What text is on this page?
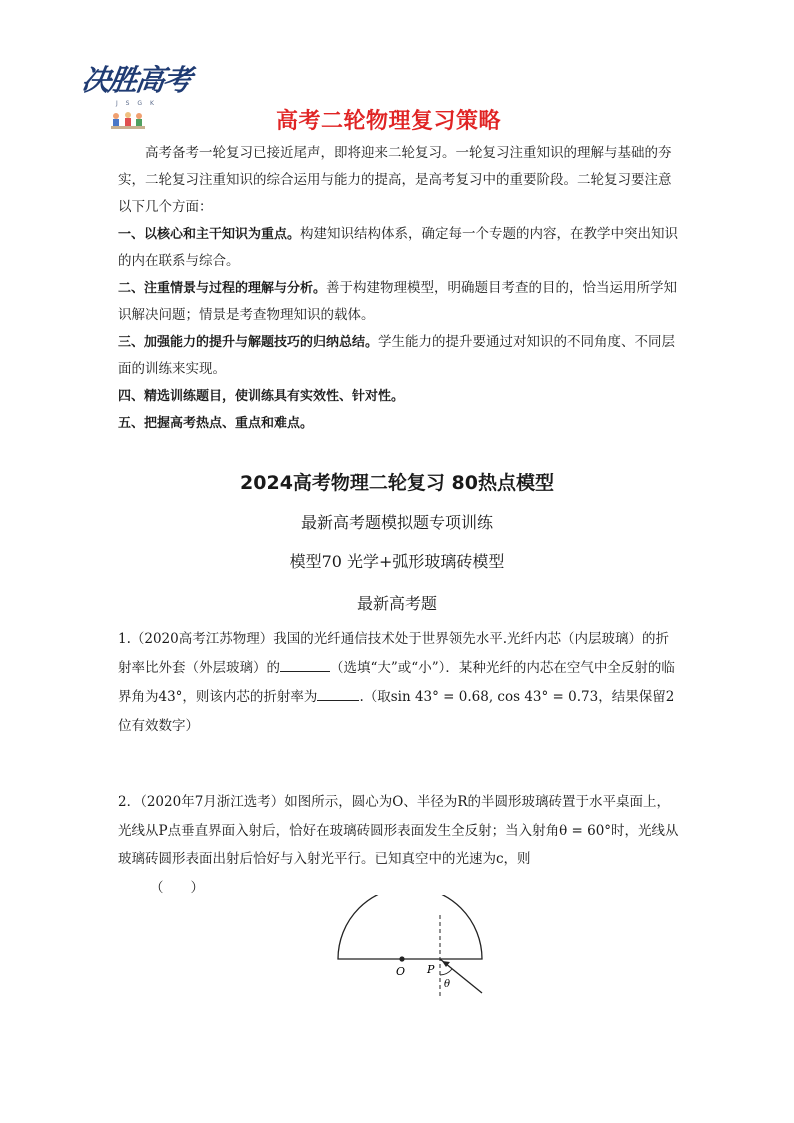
决胜高考
J S G K
高考二轮物理复习策略

高考备考一轮复习已接近尾声，即将迎来二轮复习。一轮复习注重知识的理解与基础的夯实，二轮复习注重知识的综合运用与能力的提高，是高考复习中的重要阶段。二轮复习要注意以下几个方面：

一、以核心和主干知识为重点。构建知识结构体系，确定每一个专题的内容，在教学中突出知识的内在联系与综合。

二、注重情景与过程的理解与分析。善于构建物理模型，明确题目考查的目的，恰当运用所学知识解决问题；情景是考查物理知识的载体。

三、加强能力的提升与解题技巧的归纳总结。学生能力的提升要通过对知识的不同角度、不同层面的训练来实现。

四、精选训练题目，使训练具有实效性、针对性。

五、把握高考热点、重点和难点。

2024高考物理二轮复习 80热点模型
最新高考题模拟题专项训练
模型70 光学+弧形玻璃砖模型
最新高考题
1.（2020高考江苏物理）我国的光纤通信技术处于世界领先水平.光纤内芯（内层玻璃）的折射率比外套（外层玻璃）的	（选填“大”或“小”）．某种光纤的内芯在空气中全反射的临界角为43°，则该内芯的折射率为	.（取sin 43° = 0.68, cos 43° = 0.73，结果保留2位有效数字）
2．（2020年7月浙江选考）如图所示，圆心为O、半径为R的半圆形玻璃砖置于水平桌面上，光线从P点垂直界面入射后，恰好在玻璃砖圆形表面发生全反射；当入射角θ = 60°时，光线从玻璃砖圆形表面出射后恰好与入射光平行。已知真空中的光速为c，则
（　　）
O P
θ
